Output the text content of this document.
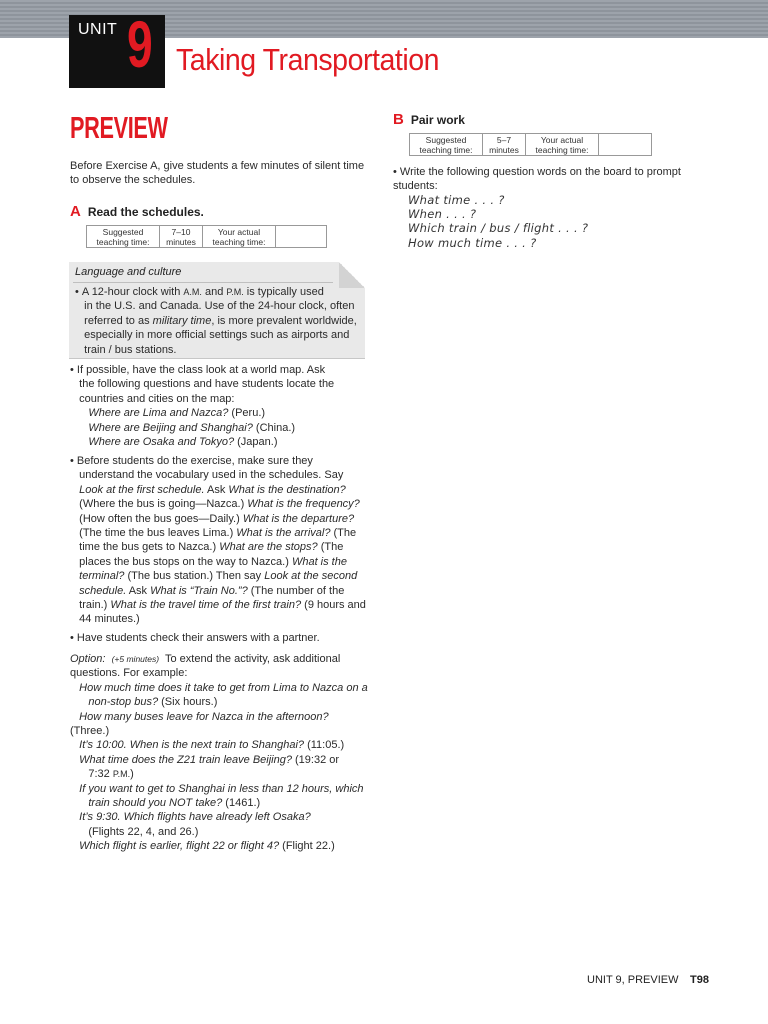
UNIT 9 Taking Transportation
PREVIEW
Before Exercise A, give students a few minutes of silent time to observe the schedules.
A Read the schedules.
Suggested teaching time:	7–10 minutes	Your actual teaching time:	
Language and culture
• A 12-hour clock with A.M. and P.M. is typically used
in the U.S. and Canada. Use of the 24-hour clock, often
referred to as military time, is more prevalent worldwide,
especially in more official settings such as airports and
train / bus stations.
• If possible, have the class look at a world map. Ask
the following questions and have students locate the
countries and cities on the map:
Where are Lima and Nazca? (Peru.)
Where are Beijing and Shanghai? (China.)
Where are Osaka and Tokyo? (Japan.)
• Before students do the exercise, make sure they
understand the vocabulary used in the schedules. Say
Look at the first schedule. Ask What is the destination?
(Where the bus is going—Nazca.) What is the frequency?
(How often the bus goes—Daily.) What is the departure?
(The time the bus leaves Lima.) What is the arrival? (The
time the bus gets to Nazca.) What are the stops? (The
places the bus stops on the way to Nazca.) What is the
terminal? (The bus station.) Then say Look at the second
schedule. Ask What is “Train No.”? (The number of the
train.) What is the travel time of the first train? (9 hours and
44 minutes.)
• Have students check their answers with a partner.
Option: (+5 minutes)  To extend the activity, ask additional
questions. For example:
How much time does it take to get from Lima to Nazca on a
non-stop bus? (Six hours.)
How many buses leave for Nazca in the afternoon? (Three.)
It’s 10:00. When is the next train to Shanghai? (11:05.)
What time does the Z21 train leave Beijing? (19:32 or
7:32 P.M.)
If you want to get to Shanghai in less than 12 hours, which
train should you NOT take? (1461.)
It’s 9:30. Which flights have already left Osaka?
(Flights 22, 4, and 26.)
Which flight is earlier, flight 22 or flight 4? (Flight 22.)
B Pair work
Suggested teaching time:	5–7 minutes	Your actual teaching time:	
• Write the following question words on the board to prompt students:
What time . . . ?
When . . . ?
Which train / bus / flight . . . ?
How much time . . . ?
UNIT 9, PREVIEW T98
